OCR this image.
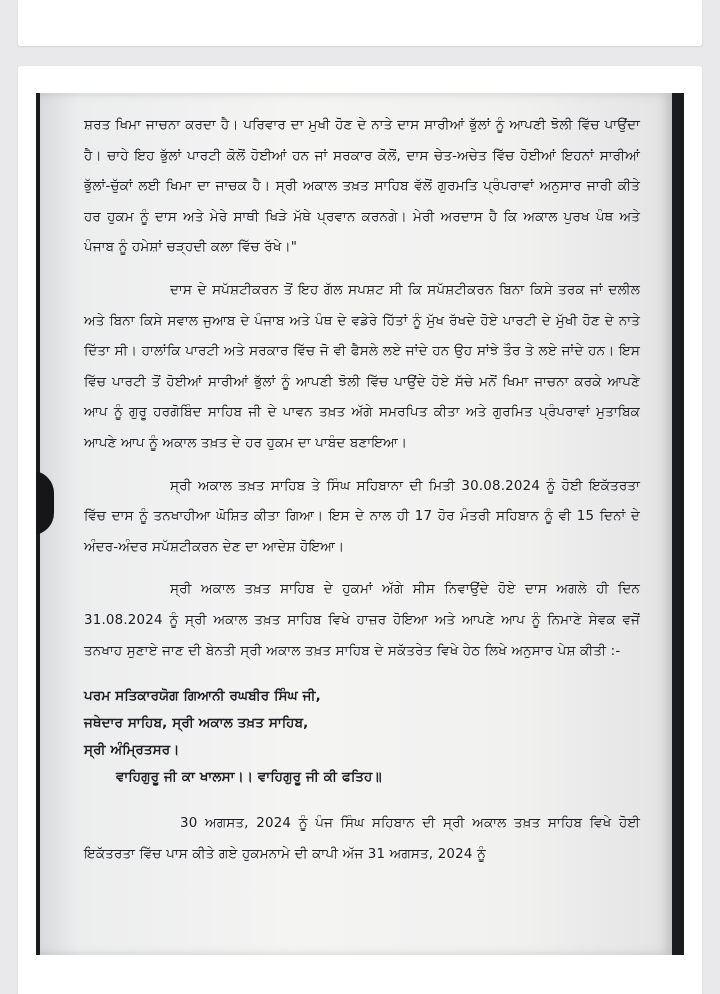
ਸ਼ਰਤ ਖਿਮਾ ਜਾਚਨਾ ਕਰਦਾ ਹੈ। ਪਰਿਵਾਰ ਦਾ ਮੁਖੀ ਹੋਣ ਦੇ ਨਾਤੇ ਦਾਸ ਸਾਰੀਆਂ ਭੁੱਲਾਂ ਨੂੰ ਆਪਣੀ ਝੋਲੀ ਵਿੱਚ ਪਾਉਂਦਾ ਹੈ। ਚਾਹੇ ਇਹ ਭੁੱਲਾਂ ਪਾਰਟੀ ਕੋਲੋਂ ਹੋਈਆਂ ਹਨ ਜਾਂ ਸਰਕਾਰ ਕੋਲੋਂ, ਦਾਸ ਚੇਤ-ਅਚੇਤ ਵਿੱਚ ਹੋਈਆਂ ਇਹਨਾਂ ਸਾਰੀਆਂ ਭੁੱਲਾਂ-ਚੁੱਕਾਂ ਲਈ ਖਿਮਾ ਦਾ ਜਾਚਕ ਹੈ। ਸ੍ਰੀ ਅਕਾਲ ਤਖ਼ਤ ਸਾਹਿਬ ਵੱਲੋਂ ਗੁਰਮਤਿ ਪ੍ਰੰਪਰਾਵਾਂ ਅਨੁਸਾਰ ਜਾਰੀ ਕੀਤੇ ਹਰ ਹੁਕਮ ਨੂੰ ਦਾਸ ਅਤੇ ਮੇਰੇ ਸਾਥੀ ਖਿੜੇ ਮੱਥੇ ਪ੍ਰਵਾਨ ਕਰਨਗੇ। ਮੇਰੀ ਅਰਦਾਸ ਹੈ ਕਿ ਅਕਾਲ ਪੁਰਖ ਪੰਥ ਅਤੇ ਪੰਜਾਬ ਨੂੰ ਹਮੇਸ਼ਾਂ ਚੜ੍ਹਦੀ ਕਲਾ ਵਿੱਚ ਰੱਖੇ।"

ਦਾਸ ਦੇ ਸਪੱਸ਼ਟੀਕਰਨ ਤੋਂ ਇਹ ਗੱਲ ਸਪਸ਼ਟ ਸੀ ਕਿ ਸਪੱਸ਼ਟੀਕਰਨ ਬਿਨਾ ਕਿਸੇ ਤਰਕ ਜਾਂ ਦਲੀਲ ਅਤੇ ਬਿਨਾ ਕਿਸੇ ਸਵਾਲ ਜੁਆਬ ਦੇ ਪੰਜਾਬ ਅਤੇ ਪੰਥ ਦੇ ਵਡੇਰੇ ਹਿੱਤਾਂ ਨੂੰ ਮੁੱਖ ਰੱਖਦੇ ਹੋਏ ਪਾਰਟੀ ਦੇ ਮੁੱਖੀ ਹੋਣ ਦੇ ਨਾਤੇ ਦਿੱਤਾ ਸੀ। ਹਾਲਾਂਕਿ ਪਾਰਟੀ ਅਤੇ ਸਰਕਾਰ ਵਿੱਚ ਜੋ ਵੀ ਫੈਸਲੇ ਲਏ ਜਾਂਦੇ ਹਨ ਉਹ ਸਾਂਝੇ ਤੌਰ ਤੇ ਲਏ ਜਾਂਦੇ ਹਨ। ਇਸ ਵਿੱਚ ਪਾਰਟੀ ਤੋਂ ਹੋਈਆਂ ਸਾਰੀਆਂ ਭੁੱਲਾਂ ਨੂੰ ਆਪਣੀ ਝੋਲੀ ਵਿੱਚ ਪਾਉਂਦੇ ਹੋਏ ਸੱਚੇ ਮਨੋਂ ਖਿਮਾ ਜਾਚਨਾ ਕਰਕੇ ਆਪਣੇ ਆਪ ਨੂੰ ਗੁਰੂ ਹਰਗੋਬਿੰਦ ਸਾਹਿਬ ਜੀ ਦੇ ਪਾਵਨ ਤਖ਼ਤ ਅੱਗੇ ਸਮਰਪਿਤ ਕੀਤਾ ਅਤੇ ਗੁਰਮਿਤ ਪ੍ਰੰਪਰਾਵਾਂ ਮੁਤਾਬਿਕ ਆਪਣੇ ਆਪ ਨੂੰ ਅਕਾਲ ਤਖ਼ਤ ਦੇ ਹਰ ਹੁਕਮ ਦਾ ਪਾਬੰਦ ਬਣਾਇਆ।

ਸ੍ਰੀ ਅਕਾਲ ਤਖ਼ਤ ਸਾਹਿਬ ਤੇ ਸਿੰਘ ਸਹਿਬਾਨਾ ਦੀ ਮਿਤੀ 30.08.2024 ਨੂੰ ਹੋਈ ਇਕੱਤਰਤਾ ਵਿੱਚ ਦਾਸ ਨੂੰ ਤਨਖਾਹੀਆ ਘੋਸ਼ਿਤ ਕੀਤਾ ਗਿਆ। ਇਸ ਦੇ ਨਾਲ ਹੀ 17 ਹੋਰ ਮੰਤਰੀ ਸਹਿਬਾਨ ਨੂੰ ਵੀ 15 ਦਿਨਾਂ ਦੇ ਅੰਦਰ-ਅੰਦਰ ਸਪੱਸ਼ਟੀਕਰਨ ਦੇਣ ਦਾ ਆਦੇਸ਼ ਹੋਇਆ।

ਸ੍ਰੀ ਅਕਾਲ ਤਖ਼ਤ ਸਾਹਿਬ ਦੇ ਹੁਕਮਾਂ ਅੱਗੇ ਸੀਸ ਨਿਵਾਉਂਦੇ ਹੋਏ ਦਾਸ ਅਗਲੇ ਹੀ ਦਿਨ 31.08.2024 ਨੂੰ ਸ੍ਰੀ ਅਕਾਲ ਤਖ਼ਤ ਸਾਹਿਬ ਵਿਖੇ ਹਾਜ਼ਰ ਹੋਇਆ ਅਤੇ ਆਪਣੇ ਆਪ ਨੂੰ ਨਿਮਾਣੇ ਸੇਵਕ ਵਜੋਂ ਤਨਖਾਹ ਸੁਣਾਏ ਜਾਣ ਦੀ ਬੇਨਤੀ ਸ੍ਰੀ ਅਕਾਲ ਤਖ਼ਤ ਸਾਹਿਬ ਦੇ ਸਕੱਤਰੇਤ ਵਿਖੇ ਹੇਠ ਲਿਖੇ ਅਨੁਸਾਰ ਪੇਸ਼ ਕੀਤੀ :-

ਪਰਮ ਸਤਿਕਾਰਯੋਗ ਗਿਆਨੀ ਰਘਬੀਰ ਸਿੰਘ ਜੀ,
ਜਥੇਦਾਰ ਸਾਹਿਬ, ਸ੍ਰੀ ਅਕਾਲ ਤਖ਼ਤ ਸਾਹਿਬ,
ਸ੍ਰੀ ਅੰਮ੍ਰਿਤਸਰ।
ਵਾਹਿਗੁਰੂ ਜੀ ਕਾ ਖਾਲਸਾ।। ਵਾਹਿਗੁਰੂ ਜੀ ਕੀ ਫਤਿਹ॥

30 ਅਗਸਤ, 2024 ਨੂੰ ਪੰਜ ਸਿੰਘ ਸਹਿਬਾਨ ਦੀ ਸ੍ਰੀ ਅਕਾਲ ਤਖ਼ਤ ਸਾਹਿਬ ਵਿਖੇ ਹੋਈ ਇਕੱਤਰਤਾ ਵਿੱਚ ਪਾਸ ਕੀਤੇ ਗਏ ਹੁਕਮਨਾਮੇ ਦੀ ਕਾਪੀ ਅੱਜ 31 ਅਗਸਤ, 2024 ਨੂੰ
